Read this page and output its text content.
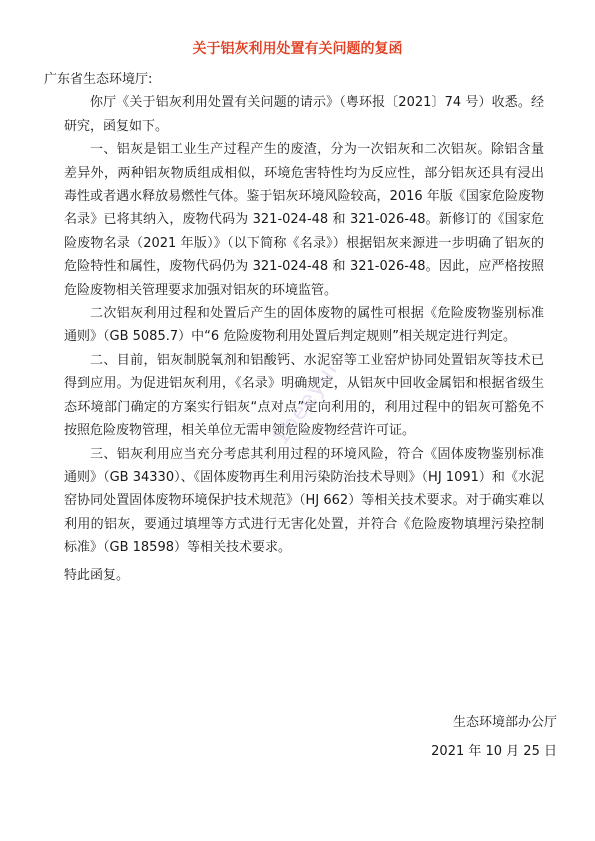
关于铝灰利用处置有关问题的复函

广东省生态环境厅:

你厅《关于铝灰利用处置有关问题的请示》（粤环报〔2021〕74 号）收悉。经研究，函复如下。

一、铝灰是铝工业生产过程产生的废渣，分为一次铝灰和二次铝灰。除铝含量差异外，两种铝灰物质组成相似，环境危害特性均为反应性，部分铝灰还具有浸出毒性或者遇水释放易燃性气体。鉴于铝灰环境风险较高，2016 年版《国家危险废物名录》已将其纳入，废物代码为 321-024-48 和 321-026-48。新修订的《国家危险废物名录（2021 年版）》（以下简称《名录》）根据铝灰来源进一步明确了铝灰的危险特性和属性，废物代码仍为 321-024-48 和 321-026-48。因此，应严格按照危险废物相关管理要求加强对铝灰的环境监管。

二次铝灰利用过程和处置后产生的固体废物的属性可根据《危险废物鉴别标准 通则》（GB 5085.7）中“6 危险废物利用处置后判定规则”相关规定进行判定。

二、目前，铝灰制脱氧剂和铝酸钙、水泥窑等工业窑炉协同处置铝灰等技术已得到应用。为促进铝灰利用，《名录》明确规定，从铝灰中回收金属铝和根据省级生态环境部门确定的方案实行铝灰“点对点”定向利用的，利用过程中的铝灰可豁免不按照危险废物管理，相关单位无需申领危险废物经营许可证。

三、铝灰利用应当充分考虑其利用过程的环境风险，符合《固体废物鉴别标准 通则》（GB 34330）、《固体废物再生利用污染防治技术导则》（HJ 1091）和《水泥窑协同处置固体废物环境保护技术规范》（HJ 662）等相关技术要求。对于确实难以利用的铝灰，要通过填埋等方式进行无害化处置，并符合《危险废物填埋污染控制标准》（GB 18598）等相关技术要求。

特此函复。

生态环境部办公厅
2021 年 10 月 25 日
1beeyul
